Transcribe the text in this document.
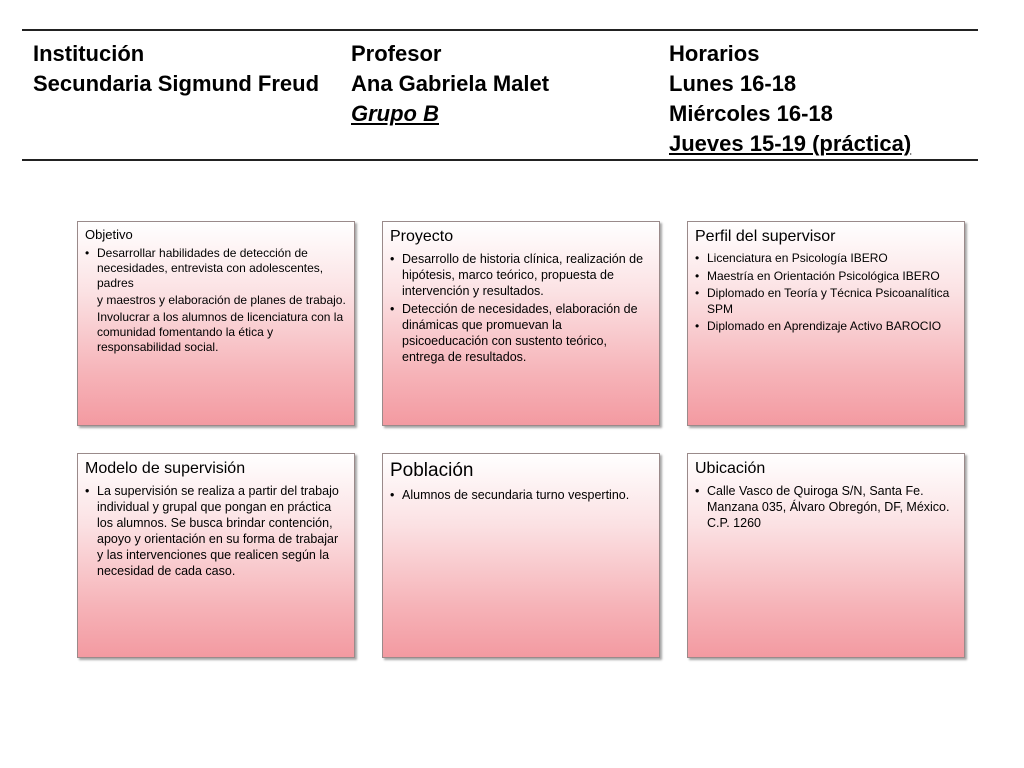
Institución
Secundaria Sigmund Freud
Profesor
Ana Gabriela Malet
Grupo B
Horarios
Lunes 16-18
Miércoles 16-18
Jueves 15-19 (práctica)
Objetivo
• Desarrollar habilidades de detección de necesidades, entrevista con adolescentes, padres
y maestros y elaboración de planes de trabajo.
Involucrar a los alumnos de licenciatura con la comunidad fomentando la ética y responsabilidad social.
Proyecto
• Desarrollo de historia clínica, realización de hipótesis, marco teórico, propuesta de intervención y resultados.
• Detección de necesidades, elaboración de dinámicas que promuevan la psicoeducación con sustento teórico, entrega de resultados.
Perfil del supervisor
• Licenciatura en Psicología IBERO
• Maestría en Orientación Psicológica IBERO
• Diplomado en Teoría y Técnica Psicoanalítica SPM
• Diplomado en Aprendizaje Activo BAROCIO
Modelo de supervisión
• La supervisión se realiza a partir del trabajo individual y grupal que pongan en práctica los alumnos. Se busca brindar contención, apoyo y orientación en su forma de trabajar y las intervenciones que realicen según la necesidad de cada caso.
Población
• Alumnos de secundaria turno vespertino.
Ubicación
• Calle Vasco de Quiroga S/N, Santa Fe. Manzana 035, Álvaro Obregón, DF, México. C.P. 1260
